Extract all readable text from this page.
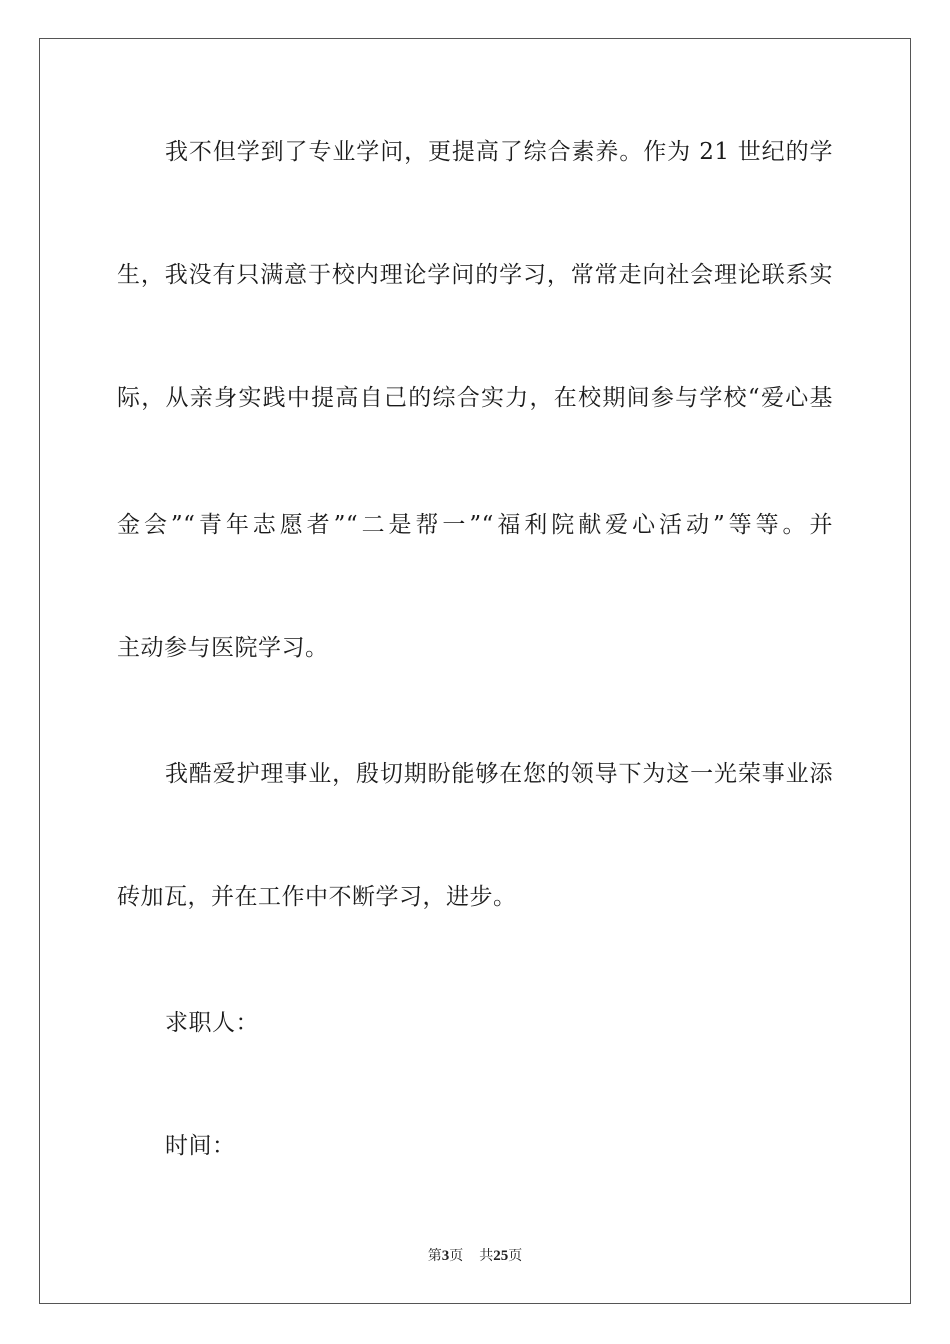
我不但学到了专业学问，更提高了综合素养。作为 21 世纪的学
生，我没有只满意于校内理论学问的学习，常常走向社会理论联系实
际，从亲身实践中提高自己的综合实力，在校期间参与学校“爱心基
金会”“青年志愿者”“二是帮一”“福利院献爱心活动”等等。并
主动参与医院学习。
我酷爱护理事业，殷切期盼能够在您的领导下为这一光荣事业添
砖加瓦，并在工作中不断学习，进步。
求职人：
时间：
第3页 共25页
